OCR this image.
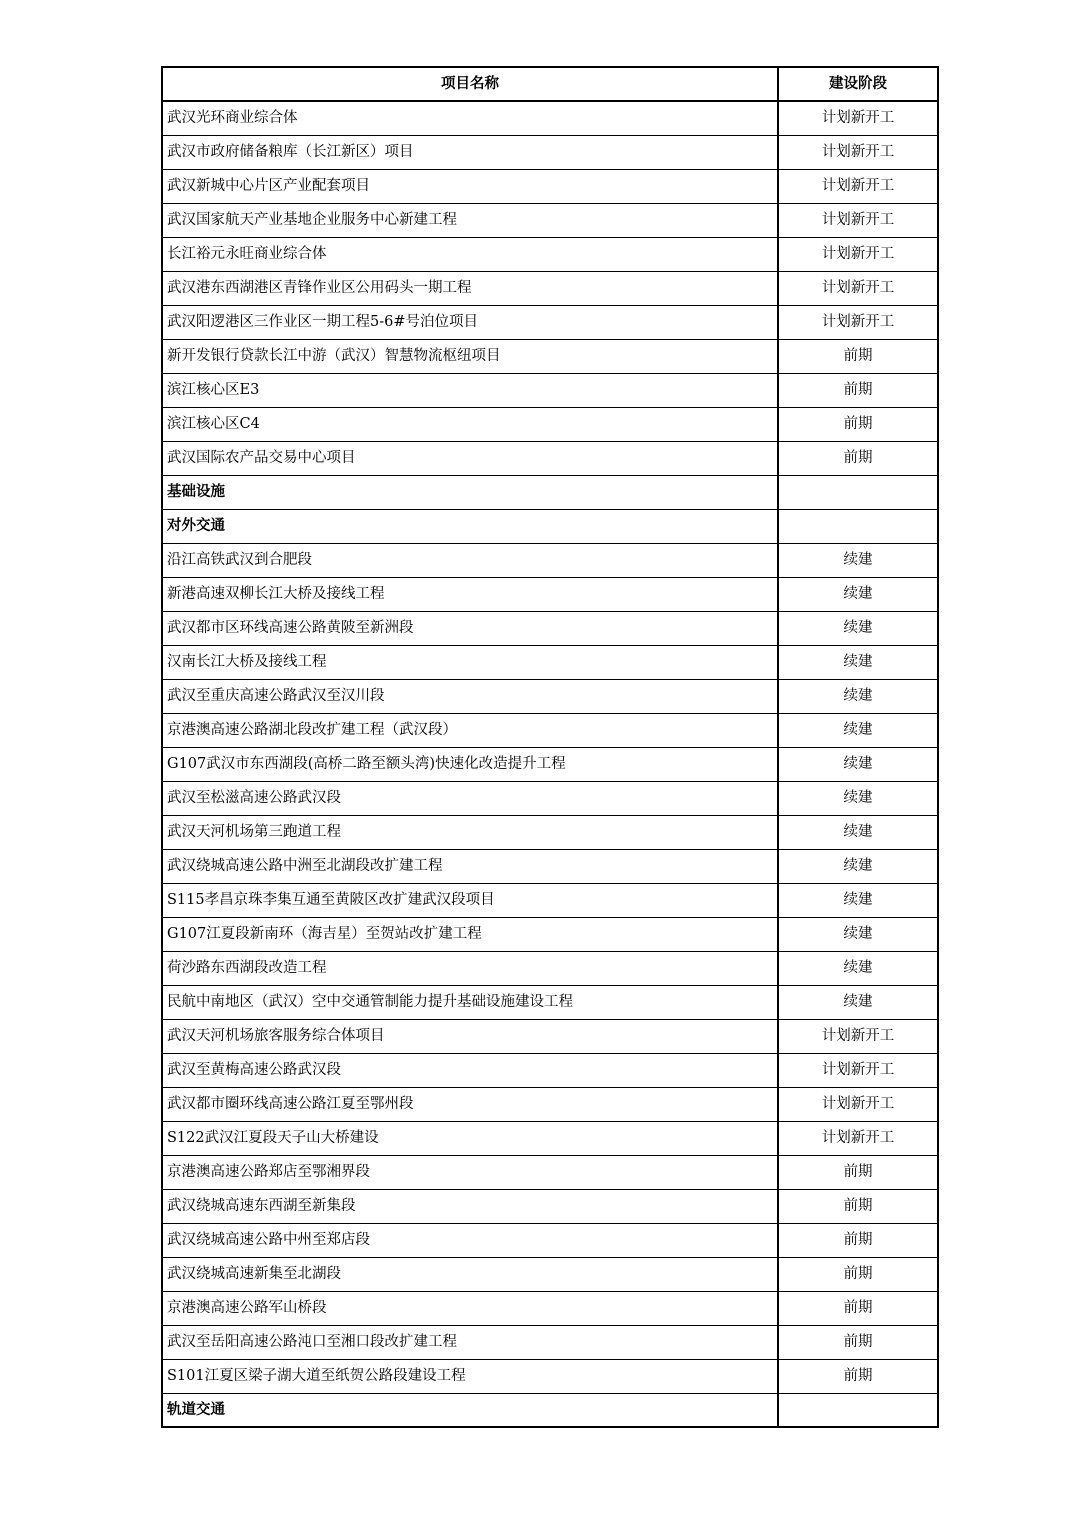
项目名称	建设阶段
武汉光环商业综合体	计划新开工
武汉市政府储备粮库（长江新区）项目	计划新开工
武汉新城中心片区产业配套项目	计划新开工
武汉国家航天产业基地企业服务中心新建工程	计划新开工
长江裕元永旺商业综合体	计划新开工
武汉港东西湖港区青锋作业区公用码头一期工程	计划新开工
武汉阳逻港区三作业区一期工程5-6#号泊位项目	计划新开工
新开发银行贷款长江中游（武汉）智慧物流枢纽项目	前期
滨江核心区E3	前期
滨江核心区C4	前期
武汉国际农产品交易中心项目	前期
基础设施	
对外交通	
沿江高铁武汉到合肥段	续建
新港高速双柳长江大桥及接线工程	续建
武汉都市区环线高速公路黄陂至新洲段	续建
汉南长江大桥及接线工程	续建
武汉至重庆高速公路武汉至汉川段	续建
京港澳高速公路湖北段改扩建工程（武汉段）	续建
G107武汉市东西湖段(高桥二路至额头湾)快速化改造提升工程	续建
武汉至松滋高速公路武汉段	续建
武汉天河机场第三跑道工程	续建
武汉绕城高速公路中洲至北湖段改扩建工程	续建
S115孝昌京珠李集互通至黄陂区改扩建武汉段项目	续建
G107江夏段新南环（海吉星）至贺站改扩建工程	续建
荷沙路东西湖段改造工程	续建
民航中南地区（武汉）空中交通管制能力提升基础设施建设工程	续建
武汉天河机场旅客服务综合体项目	计划新开工
武汉至黄梅高速公路武汉段	计划新开工
武汉都市圈环线高速公路江夏至鄂州段	计划新开工
S122武汉江夏段天子山大桥建设	计划新开工
京港澳高速公路郑店至鄂湘界段	前期
武汉绕城高速东西湖至新集段	前期
武汉绕城高速公路中州至郑店段	前期
武汉绕城高速新集至北湖段	前期
京港澳高速公路军山桥段	前期
武汉至岳阳高速公路沌口至湘口段改扩建工程	前期
S101江夏区梁子湖大道至纸贺公路段建设工程	前期
轨道交通	
